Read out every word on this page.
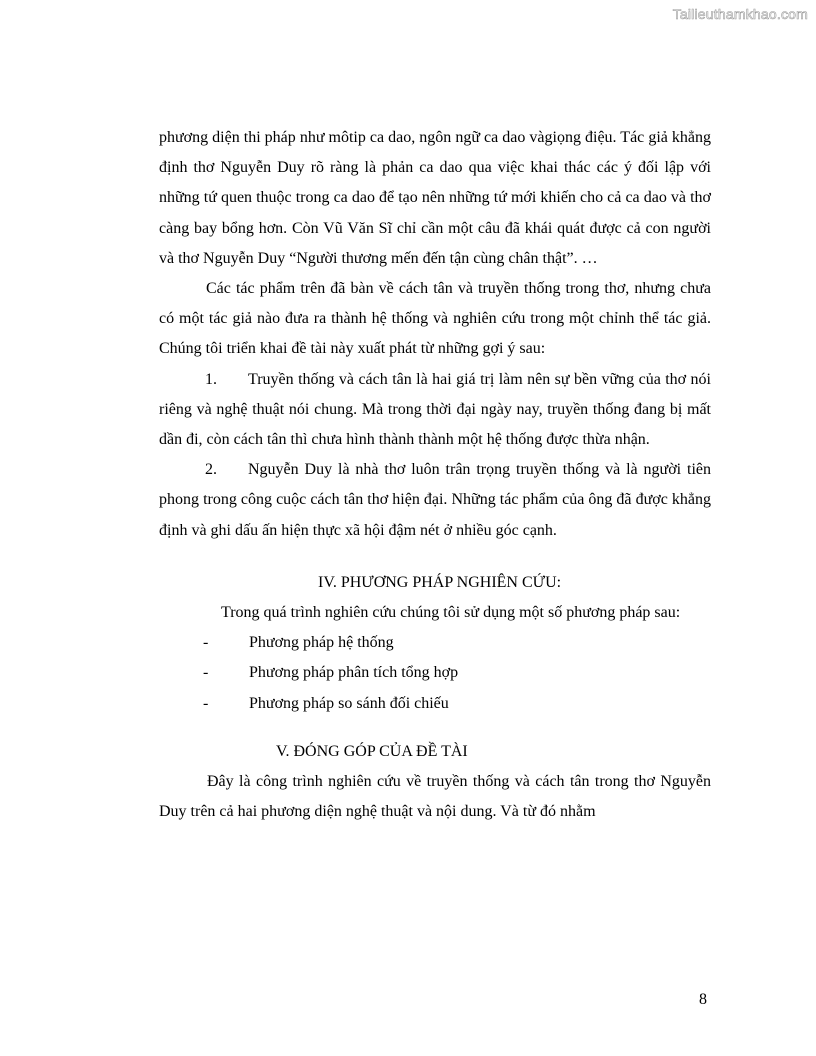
Tailieuthamkhao.com

phương diện thi pháp như môtip ca dao, ngôn ngữ ca dao vàgiọng điệu. Tác giả khẳng định thơ Nguyễn Duy rõ ràng là phản ca dao qua việc khai thác các ý đối lập với những tứ quen thuộc trong ca dao để tạo nên những tứ mới khiến cho cả ca dao và thơ càng bay bổng hơn. Còn Vũ Văn Sĩ chỉ cần một câu đã khái quát được cả con người và thơ Nguyễn Duy “Người thương mến đến tận cùng chân thật”. …

Các tác phẩm trên đã bàn về cách tân và truyền thống trong thơ, nhưng chưa có một tác giả nào đưa ra thành hệ thống và nghiên cứu trong một chỉnh thể tác giả. Chúng tôi triển khai đề tài này xuất phát từ những gợi ý sau:

1. Truyền thống và cách tân là hai giá trị làm nên sự bền vững của thơ nói riêng và nghệ thuật nói chung. Mà trong thời đại ngày nay, truyền thống đang bị mất dần đi, còn cách tân thì chưa hình thành thành một hệ thống được thừa nhận.

2. Nguyễn Duy là nhà thơ luôn trân trọng truyền thống và là người tiên phong trong công cuộc cách tân thơ hiện đại. Những tác phẩm của ông đã được khẳng định và ghi dấu ấn hiện thực xã hội đậm nét ở nhiều góc cạnh.

IV. PHƯƠNG PHÁP NGHIÊN CỨU:

Trong quá trình nghiên cứu chúng tôi sử dụng một số phương pháp sau:

-	Phương pháp hệ thống
-	Phương pháp phân tích tổng hợp
-	Phương pháp so sánh đối chiếu

V. ĐÓNG GÓP CỦA ĐỀ TÀI

Đây là công trình nghiên cứu về truyền thống và cách tân trong thơ Nguyễn Duy trên cả hai phương diện nghệ thuật và nội dung. Và từ đó nhằm

8
